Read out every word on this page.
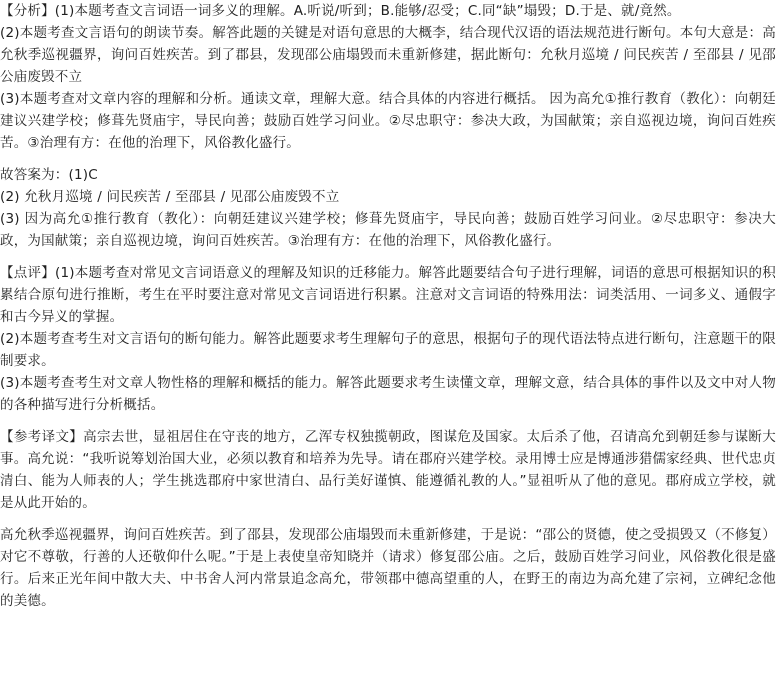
【分析】(1)本题考查文言词语一词多义的理解。A.听说/听到；B.能够/忍受；C.同“缺”塌毁；D.于是、就/竟然。

(2)本题考查文言语句的朗读节奏。解答此题的关键是对语句意思的大概李，结合现代汉语的语法规范进行断句。本句大意是：高允秋季巡视疆界，询问百姓疾苦。到了郡县，发现邵公庙塌毁而未重新修建，据此断句：允秋月巡境 / 问民疾苦 / 至邵县 / 见邵公庙废毁不立

(3)本题考查对文章内容的理解和分析。通读文章，理解大意。结合具体的内容进行概括。 因为高允①推行教育（教化）：向朝廷建议兴建学校；修葺先贤庙宇，导民向善；鼓励百姓学习问业。②尽忠职守：参决大政，为国献策；亲自巡视边境，询问百姓疾苦。③治理有方：在他的治理下，风俗教化盛行。

故答案为：(1)C

(2) 允秋月巡境 / 问民疾苦 / 至邵县 / 见邵公庙废毁不立

(3) 因为高允①推行教育（教化）：向朝廷建议兴建学校；修葺先贤庙宇，导民向善；鼓励百姓学习问业。②尽忠职守：参决大政，为国献策；亲自巡视边境，询问百姓疾苦。③治理有方：在他的治理下，风俗教化盛行。

【点评】(1)本题考查对常见文言词语意义的理解及知识的迁移能力。解答此题要结合句子进行理解，词语的意思可根据知识的积累结合原句进行推断，考生在平时要注意对常见文言词语进行积累。注意对文言词语的特殊用法：词类活用、一词多义、通假字和古今异义的掌握。

(2)本题考查考生对文言语句的断句能力。解答此题要求考生理解句子的意思，根据句子的现代语法特点进行断句，注意题干的限制要求。

(3)本题考查考生对文章人物性格的理解和概括的能力。解答此题要求考生读懂文章，理解文意，结合具体的事件以及文中对人物的各种描写进行分析概括。

【参考译文】高宗去世，显祖居住在守丧的地方，乙浑专权独揽朝政，图谋危及国家。太后杀了他，召请高允到朝廷参与谋断大事。高允说：“我听说筹划治国大业，必须以教育和培养为先导。请在郡府兴建学校。录用博士应是博通涉猎儒家经典、世代忠贞清白、能为人师表的人；学生挑选郡府中家世清白、品行美好谨慎、能遵循礼教的人。”显祖听从了他的意见。郡府成立学校，就是从此开始的。

高允秋季巡视疆界，询问百姓疾苦。到了邵县，发现邵公庙塌毁而未重新修建，于是说：“邵公的贤德，使之受损毁又（不修复）对它不尊敬，行善的人还敬仰什么呢。”于是上表使皇帝知晓并（请求）修复邵公庙。之后，鼓励百姓学习问业，风俗教化很是盛行。后来正光年间中散大夫、中书舍人河内常景追念高允，带领郡中德高望重的人，在野王的南边为高允建了宗祠，立碑纪念他的美德。
